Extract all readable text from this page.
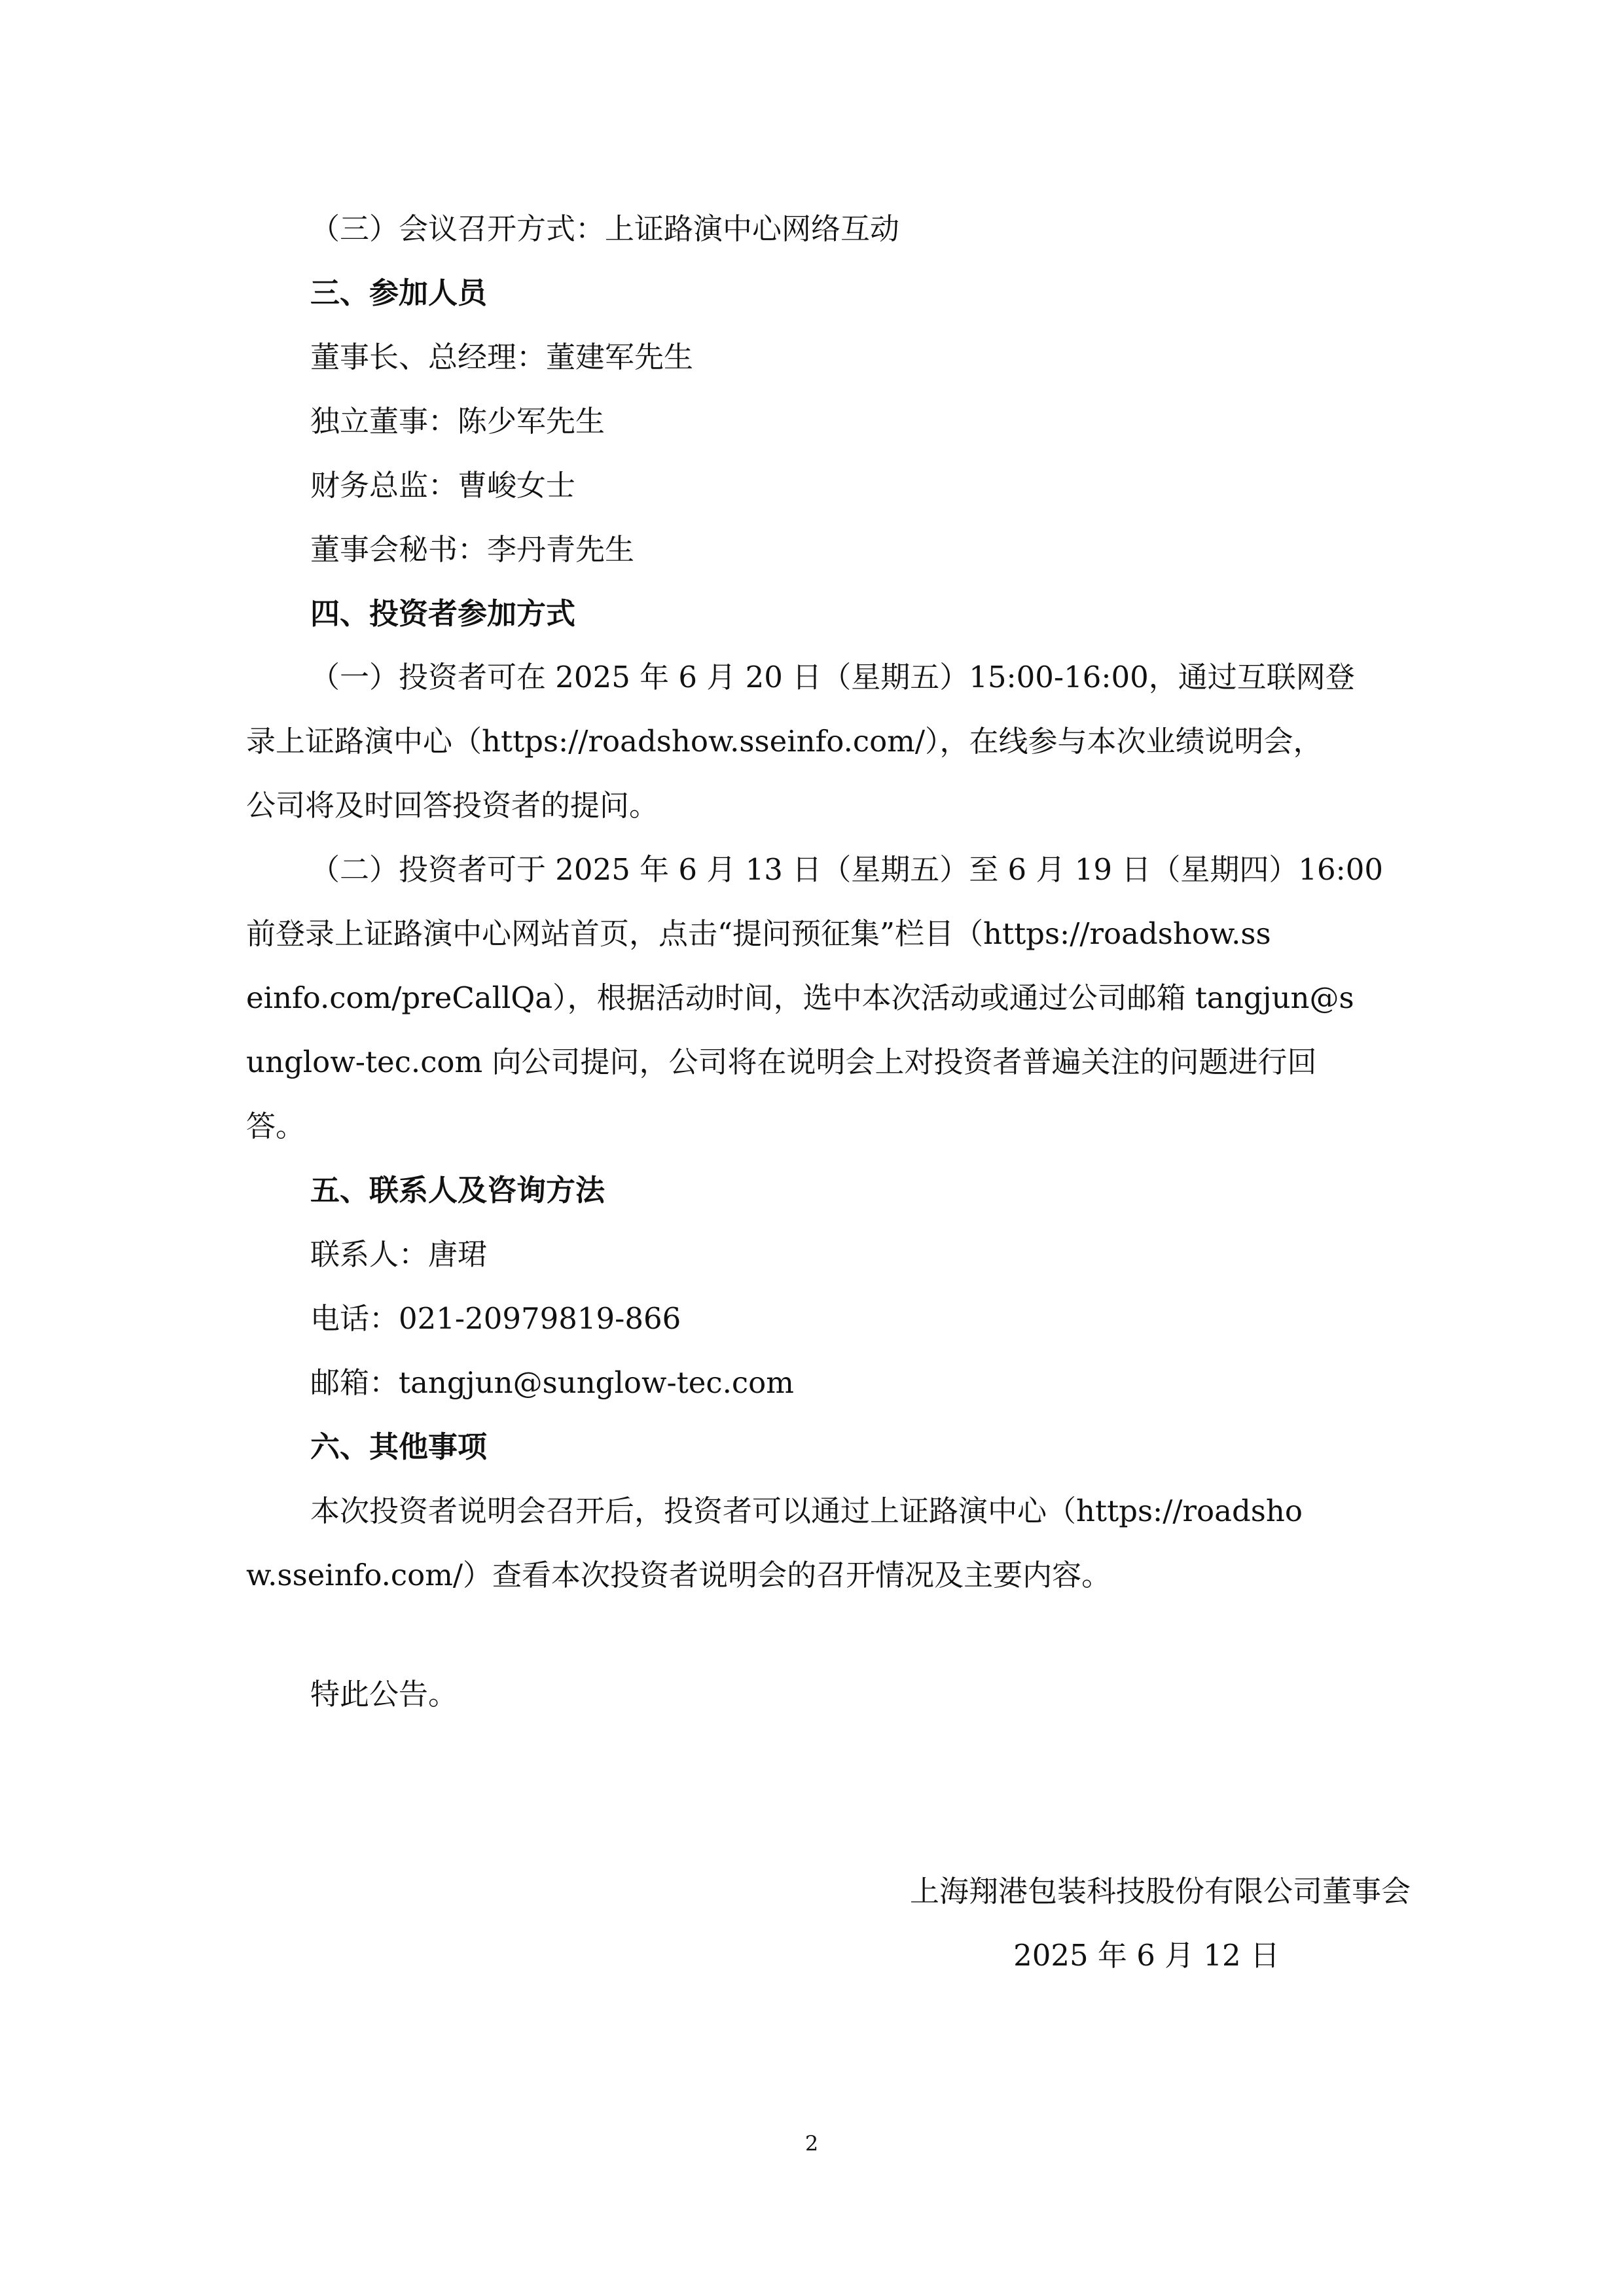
（三）会议召开方式：上证路演中心网络互动

三、参加人员

董事长、总经理：董建军先生

独立董事：陈少军先生

财务总监：曹峻女士

董事会秘书：李丹青先生

四、投资者参加方式

（一）投资者可在 2025 年 6 月 20 日（星期五）15:00-16:00，通过互联网登

录上证路演中心（https://roadshow.sseinfo.com/），在线参与本次业绩说明会，

公司将及时回答投资者的提问。

（二）投资者可于 2025 年 6 月 13 日（星期五）至 6 月 19 日（星期四）16:00

前登录上证路演中心网站首页，点击“提问预征集”栏目（https://roadshow.ss

einfo.com/preCallQa），根据活动时间，选中本次活动或通过公司邮箱 tangjun@s

unglow-tec.com 向公司提问，公司将在说明会上对投资者普遍关注的问题进行回

答。

五、联系人及咨询方法

联系人：唐珺

电话：021-20979819-866

邮箱：tangjun@sunglow-tec.com

六、其他事项

本次投资者说明会召开后，投资者可以通过上证路演中心（https://roadsho

w.sseinfo.com/）查看本次投资者说明会的召开情况及主要内容。

特此公告。

上海翔港包装科技股份有限公司董事会

2025 年 6 月 12 日

2
